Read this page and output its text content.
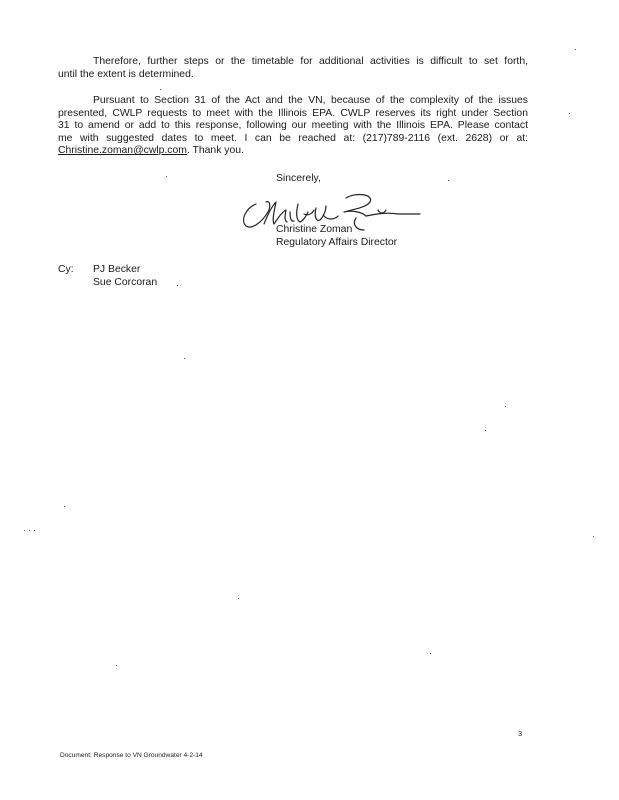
Therefore, further steps or the timetable for additional activities is difficult to set forth,
until the extent is determined.
Pursuant to Section 31 of the Act and the VN, because of the complexity of the issues
presented, CWLP requests to meet with the Illinois EPA. CWLP reserves its right under Section
31 to amend or add to this response, following our meeting with the Illinois EPA. Please contact
me with suggested dates to meet. I can be reached at: (217)789-2116 (ext. 2628) or at:
Christine.zoman@cwlp.com. Thank you.
Sincerely,
Christine Zoman
Regulatory Affairs Director
Cy: PJ Becker
Sue Corcoran
3
Document: Response to VN Groundwater 4-2-14
